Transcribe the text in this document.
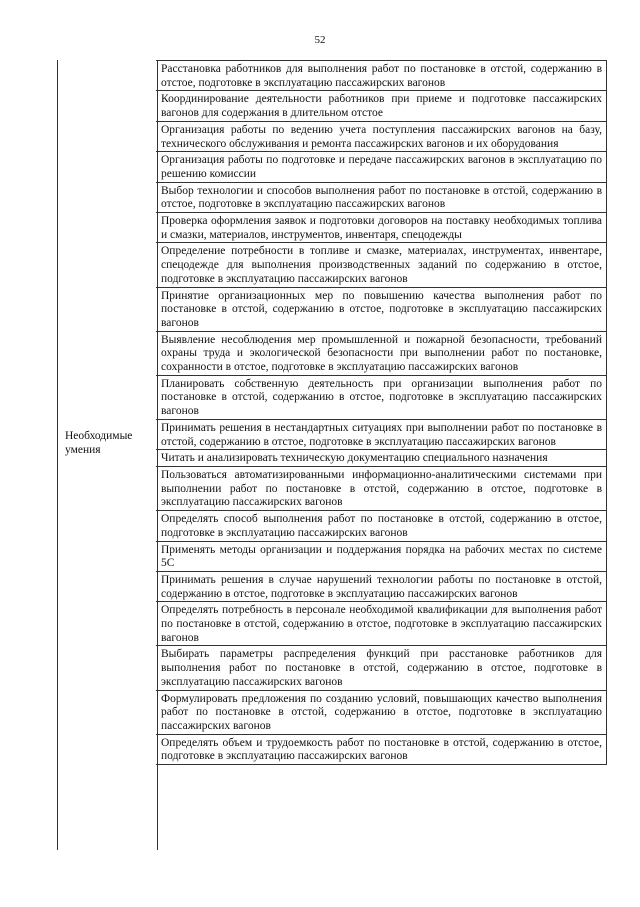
52
Необходимые умения
Расстановка работников для выполнения работ по постановке в отстой, содержанию в отстое, подготовке в эксплуатацию пассажирских вагонов
Координирование деятельности работников при приеме и подготовке пассажирских вагонов для содержания в длительном отстое
Организация работы по ведению учета поступления пассажирских вагонов на базу, технического обслуживания и ремонта пассажирских вагонов и их оборудования
Организация работы по подготовке и передаче пассажирских вагонов в эксплуатацию по решению комиссии
Выбор технологии и способов выполнения работ по постановке в отстой, содержанию в отстое, подготовке в эксплуатацию пассажирских вагонов
Проверка оформления заявок и подготовки договоров на поставку необходимых топлива и смазки, материалов, инструментов, инвентаря, спецодежды
Определение потребности в топливе и смазке, материалах, инструментах, инвентаре, спецодежде для выполнения производственных заданий по содержанию в отстое, подготовке в эксплуатацию пассажирских вагонов
Принятие организационных мер по повышению качества выполнения работ по постановке в отстой, содержанию в отстое, подготовке в эксплуатацию пассажирских вагонов
Выявление несоблюдения мер промышленной и пожарной безопасности, требований охраны труда и экологической безопасности при выполнении работ по постановке, сохранности в отстое, подготовке в эксплуатацию пассажирских вагонов
Планировать собственную деятельность при организации выполнения работ по постановке в отстой, содержанию в отстое, подготовке в эксплуатацию пассажирских вагонов
Принимать решения в нестандартных ситуациях при выполнении работ по постановке в отстой, содержанию в отстое, подготовке в эксплуатацию пассажирских вагонов
Читать и анализировать техническую документацию специального назначения
Пользоваться автоматизированными информационно-аналитическими системами при выполнении работ по постановке в отстой, содержанию в отстое, подготовке в эксплуатацию пассажирских вагонов
Определять способ выполнения работ по постановке в отстой, содержанию в отстое, подготовке в эксплуатацию пассажирских вагонов
Применять методы организации и поддержания порядка на рабочих местах по системе 5С
Принимать решения в случае нарушений технологии работы по постановке в отстой, содержанию в отстое, подготовке в эксплуатацию пассажирских вагонов
Определять потребность в персонале необходимой квалификации для выполнения работ по постановке в отстой, содержанию в отстое, подготовке в эксплуатацию пассажирских вагонов
Выбирать параметры распределения функций при расстановке работников для выполнения работ по постановке в отстой, содержанию в отстое, подготовке в эксплуатацию пассажирских вагонов
Формулировать предложения по созданию условий, повышающих качество выполнения работ по постановке в отстой, содержанию в отстое, подготовке в эксплуатацию пассажирских вагонов
Определять объем и трудоемкость работ по постановке в отстой, содержанию в отстое, подготовке в эксплуатацию пассажирских вагонов
